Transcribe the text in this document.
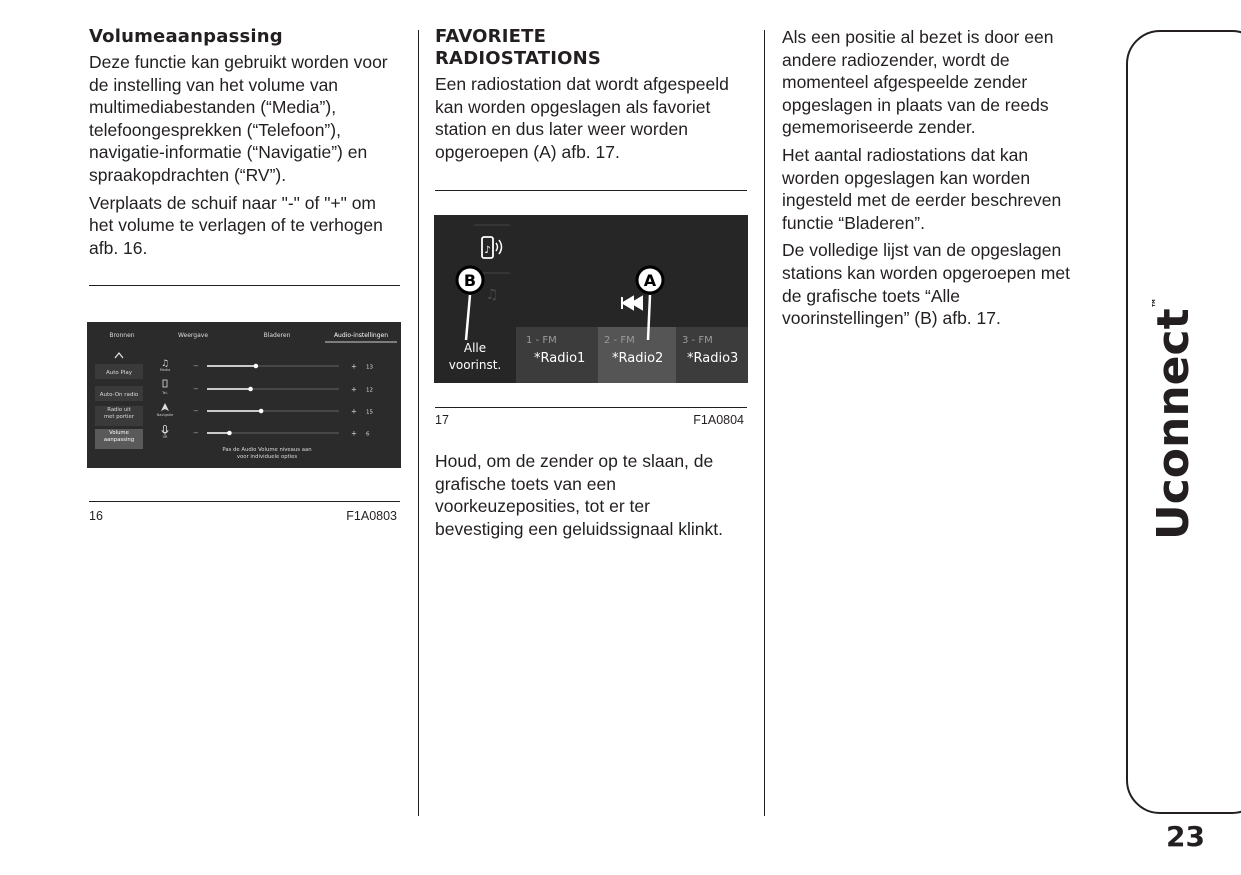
Volumeaanpassing

Deze functie kan gebruikt worden voor de instelling van het volume van multimediabestanden (“Media”), telefoongesprekken (“Telefoon”), navigatie-informatie (“Navigatie”) en spraakopdrachten (“RV”).

Verplaats de schuif naar "-" of "+" om het volume te verlagen of te verhogen afb. 16.

Bronnen	Weergave	Bladeren	Audio-instellingen
Auto Play
Auto-On radio
Radio uit met portier
Volume aanpassing
♫
Media	−	+ 13
Tel.	−	+ 12
Navigatie	−	+ 15
VR	−	+ 6
Pas de Audio Volume niveaus aan
voor individuele opties
16	F1A0803
FAVORIETE RADIOSTATIONS

Een radiostation dat wordt afgespeeld kan worden opgeslagen als favoriet station en dus later weer worden opgeroepen (A) afb. 17.

♪
♫
Alle
voorinst.
1 - FM
*Radio1
2 - FM
*Radio2
3 - FM
*Radio3
B	A
17	F1A0804

Houd, om de zender op te slaan, de grafische toets van een voorkeuzeposities, tot er ter bevestiging een geluidssignaal klinkt.

Als een positie al bezet is door een andere radiozender, wordt de momenteel afgespeelde zender opgeslagen in plaats van de reeds gememoriseerde zender.

Het aantal radiostations dat kan worden opgeslagen kan worden ingesteld met de eerder beschreven functie “Bladeren”.

De volledige lijst van de opgeslagen stations kan worden opgeroepen met de grafische toets “Alle voorinstellingen” (B) afb. 17.	Uconnect™
23
